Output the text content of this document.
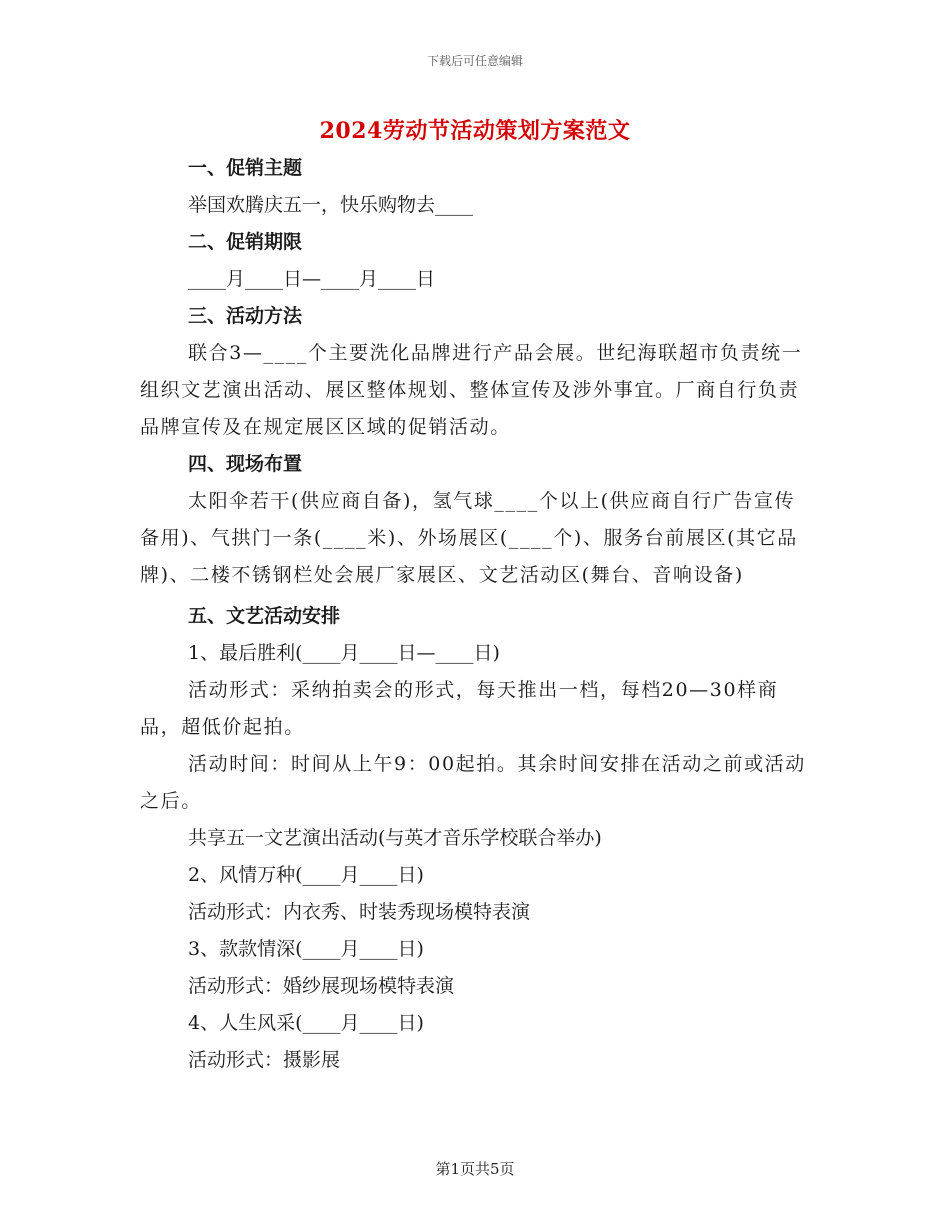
下载后可任意编辑
2024劳动节活动策划方案范文
一、促销主题
举国欢腾庆五一，快乐购物去____
二、促销期限
____月____日—____月____日
三、活动方法
联合3—____个主要洗化品牌进行产品会展。世纪海联超市负责统一组织文艺演出活动、展区整体规划、整体宣传及涉外事宜。厂商自行负责品牌宣传及在规定展区区域的促销活动。
四、现场布置
太阳伞若干(供应商自备)，氢气球____个以上(供应商自行广告宣传备用)、气拱门一条(____米)、外场展区(____个)、服务台前展区(其它品牌)、二楼不锈钢栏处会展厂家展区、文艺活动区(舞台、音响设备)
五、文艺活动安排
1、最后胜利(____月____日—____日)
活动形式：采纳拍卖会的形式，每天推出一档，每档20—30样商品，超低价起拍。
活动时间：时间从上午9：00起拍。其余时间安排在活动之前或活动之后。
共享五一文艺演出活动(与英才音乐学校联合举办)
2、风情万种(____月____日)
活动形式：内衣秀、时装秀现场模特表演
3、款款情深(____月____日)
活动形式：婚纱展现场模特表演
4、人生风采(____月____日)
活动形式：摄影展
第1页共5页
